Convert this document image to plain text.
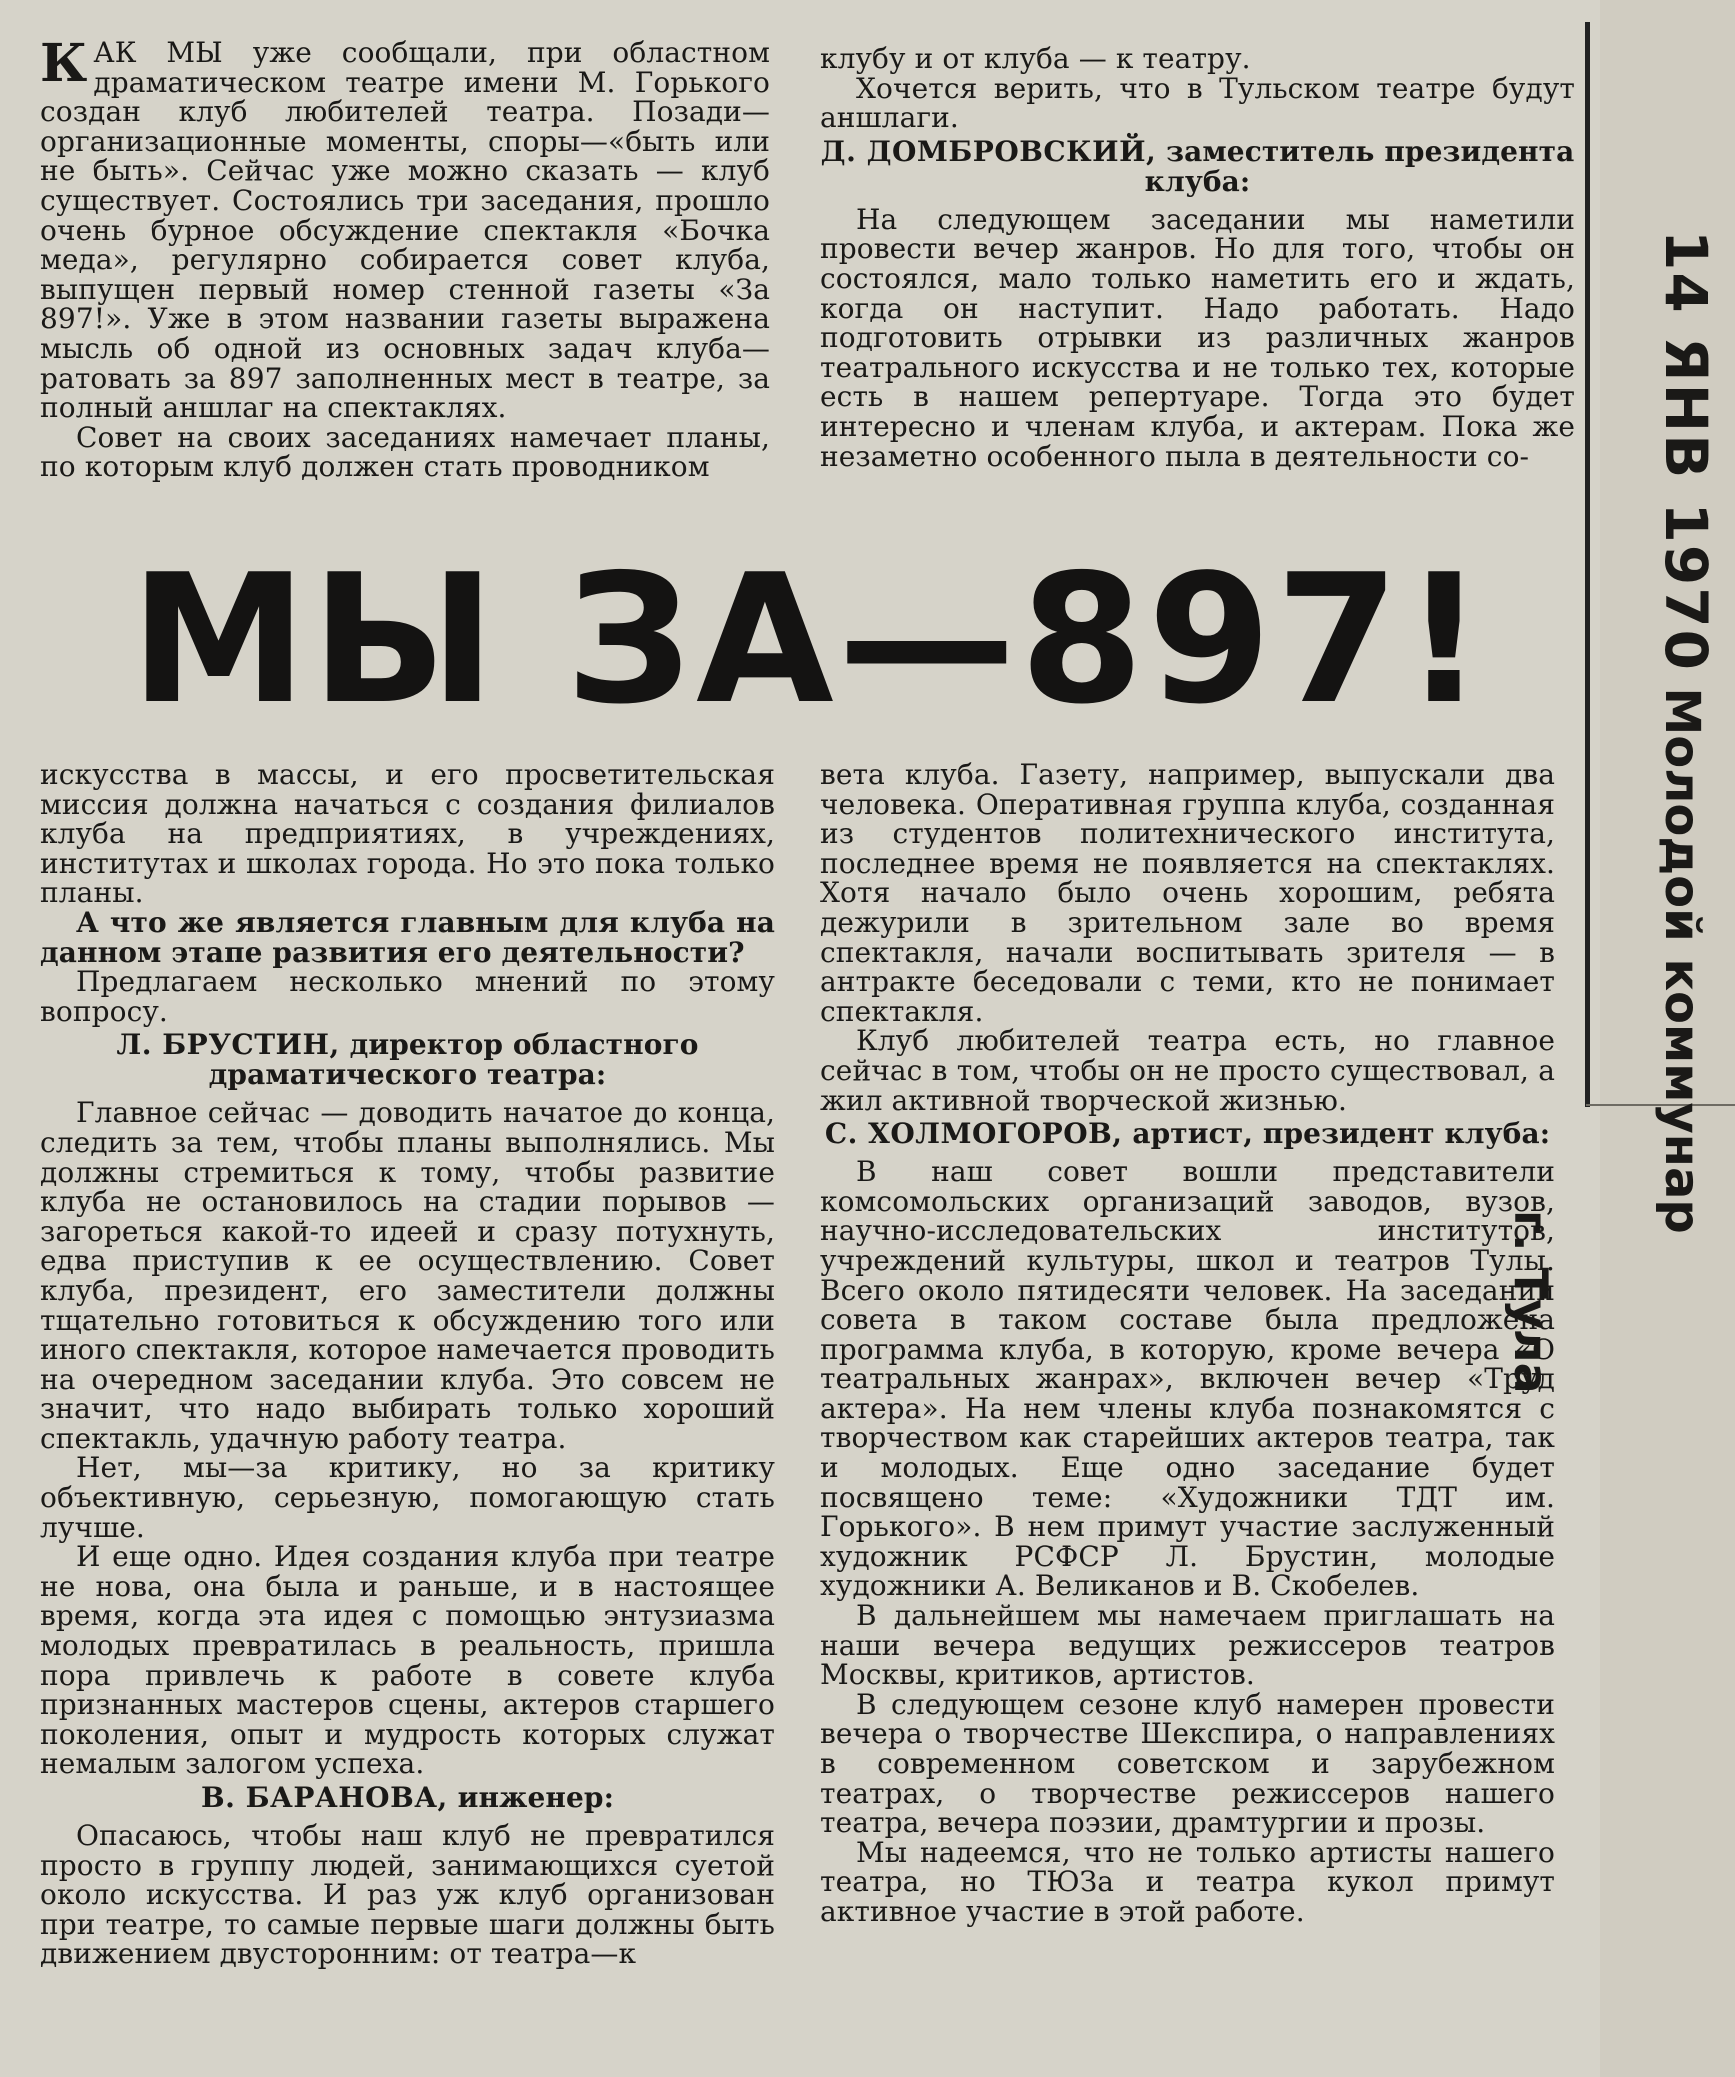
КАК МЫ уже сообщали, при областном драматическом театре имени М. Горького создан клуб любителей театра. Позади—организационные моменты, споры—«быть или не быть». Сейчас уже можно сказать — клуб существует. Состоялись три заседания, прошло очень бурное обсуждение спектакля «Бочка меда», регулярно собирается совет клуба, выпущен первый номер стенной газеты «За 897!». Уже в этом названии газеты выражена мысль об одной из основных задач клуба—ратовать за 897 заполненных мест в театре, за полный аншлаг на спектаклях.

Совет на своих заседаниях намечает планы, по которым клуб должен стать проводником

клубу и от клуба — к театру.

Хочется верить, что в Тульском театре будут аншлаги.

Д. ДОМБРОВСКИЙ, заместитель президента клуба:

На следующем заседании мы наметили провести вечер жанров. Но для того, чтобы он состоялся, мало только наметить его и ждать, когда он наступит. Надо работать. Надо подготовить отрывки из различных жанров театрального искусства и не только тех, которые есть в нашем репертуаре. Тогда это будет интересно и членам клуба, и актерам. Пока же незаметно особенного пыла в деятельности со-

МЫ ЗА—897!

искусства в массы, и его просветительская миссия должна начаться с создания филиалов клуба на предприятиях, в учреждениях, институтах и школах города. Но это пока только планы.

А что же является главным для клуба на данном этапе развития его деятельности?

Предлагаем несколько мнений по этому вопросу.

Л. БРУСТИН, директор областного драматического театра:

Главное сейчас — доводить начатое до конца, следить за тем, чтобы планы выполнялись. Мы должны стремиться к тому, чтобы развитие клуба не остановилось на стадии порывов — загореться какой-то идеей и сразу потухнуть, едва приступив к ее осуществлению. Совет клуба, президент, его заместители должны тщательно готовиться к обсуждению того или иного спектакля, которое намечается проводить на очередном заседании клуба. Это совсем не значит, что надо выбирать только хороший спектакль, удачную работу театра.

Нет, мы—за критику, но за критику объективную, серьезную, помогающую стать лучше.

И еще одно. Идея создания клуба при театре не нова, она была и раньше, и в настоящее время, когда эта идея с помощью энтузиазма молодых превратилась в реальность, пришла пора привлечь к работе в совете клуба признанных мастеров сцены, актеров старшего поколения, опыт и мудрость которых служат немалым залогом успеха.

В. БАРАНОВА, инженер:

Опасаюсь, чтобы наш клуб не превратился просто в группу людей, занимающихся суетой около искусства. И раз уж клуб организован при театре, то самые первые шаги должны быть движением двусторонним: от театра—к

вета клуба. Газету, например, выпускали два человека. Оперативная группа клуба, созданная из студентов политехнического института, последнее время не появляется на спектаклях. Хотя начало было очень хорошим, ребята дежурили в зрительном зале во время спектакля, начали воспитывать зрителя — в антракте беседовали с теми, кто не понимает спектакля.

Клуб любителей театра есть, но главное сейчас в том, чтобы он не просто существовал, а жил активной творческой жизнью.

С. ХОЛМОГОРОВ, артист, президент клуба:

В наш совет вошли представители комсомольских организаций заводов, вузов, научно-исследовательских институтов, учреждений культуры, школ и театров Тулы. Всего около пятидесяти человек. На заседании совета в таком составе была предложена программа клуба, в которую, кроме вечера «О театральных жанрах», включен вечер «Труд актера». На нем члены клуба познакомятся с творчеством как старейших актеров театра, так и молодых. Еще одно заседание будет посвящено теме: «Художники ТДТ им. Горького». В нем примут участие заслуженный художник РСФСР Л. Брустин, молодые художники А. Великанов и В. Скобелев.

В дальнейшем мы намечаем приглашать на наши вечера ведущих режиссеров театров Москвы, критиков, артистов.

В следующем сезоне клуб намерен провести вечера о творчестве Шекспира, о направлениях в современном советском и зарубежном театрах, о творчестве режиссеров нашего театра, вечера поэзии, драмтургии и прозы.

Мы надеемся, что не только артисты нашего театра, но ТЮЗа и театра кукол примут активное участие в этой работе.

14 ЯНВ 1970 Молодой коммунар
г. Тула
